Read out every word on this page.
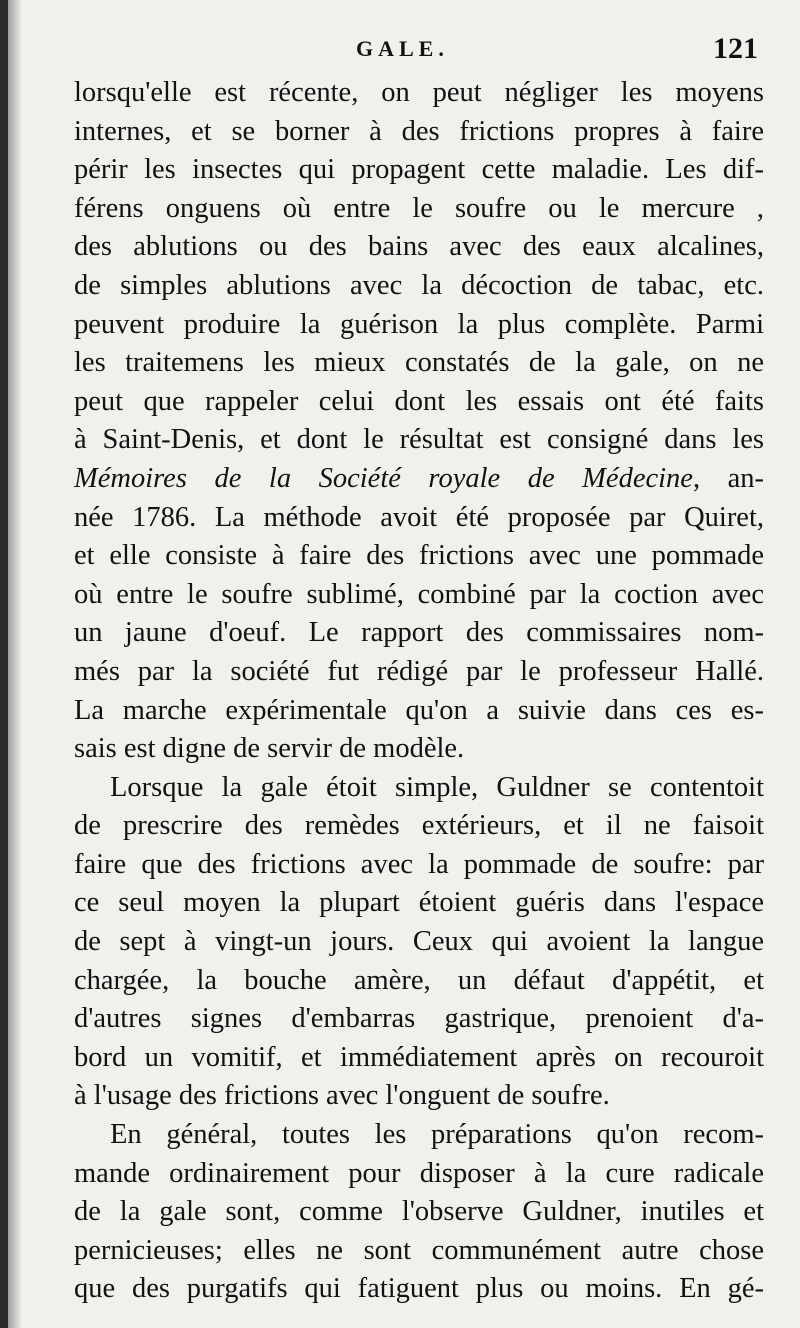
GALE.	121
lorsqu'elle est récente, on peut négliger les moyens
internes, et se borner à des frictions propres à faire
périr les insectes qui propagent cette maladie. Les dif-
férens onguens où entre le soufre ou le mercure ,
des ablutions ou des bains avec des eaux alcalines,
de simples ablutions avec la décoction de tabac, etc.
peuvent produire la guérison la plus complète. Parmi
les traitemens les mieux constatés de la gale, on ne
peut que rappeler celui dont les essais ont été faits
à Saint-Denis, et dont le résultat est consigné dans les
Mémoires de la Société royale de Médecine, an-
née 1786. La méthode avoit été proposée par Quiret,
et elle consiste à faire des frictions avec une pommade
où entre le soufre sublimé, combiné par la coction avec
un jaune d'oeuf. Le rapport des commissaires nom-
més par la société fut rédigé par le professeur Hallé.
La marche expérimentale qu'on a suivie dans ces es-
sais est digne de servir de modèle.
Lorsque la gale étoit simple, Guldner se contentoit
de prescrire des remèdes extérieurs, et il ne faisoit
faire que des frictions avec la pommade de soufre: par
ce seul moyen la plupart étoient guéris dans l'espace
de sept à vingt-un jours. Ceux qui avoient la langue
chargée, la bouche amère, un défaut d'appétit, et
d'autres signes d'embarras gastrique, prenoient d'a-
bord un vomitif, et immédiatement après on recouroit
à l'usage des frictions avec l'onguent de soufre.
En général, toutes les préparations qu'on recom-
mande ordinairement pour disposer à la cure radicale
de la gale sont, comme l'observe Guldner, inutiles et
pernicieuses; elles ne sont communément autre chose
que des purgatifs qui fatiguent plus ou moins. En gé-
